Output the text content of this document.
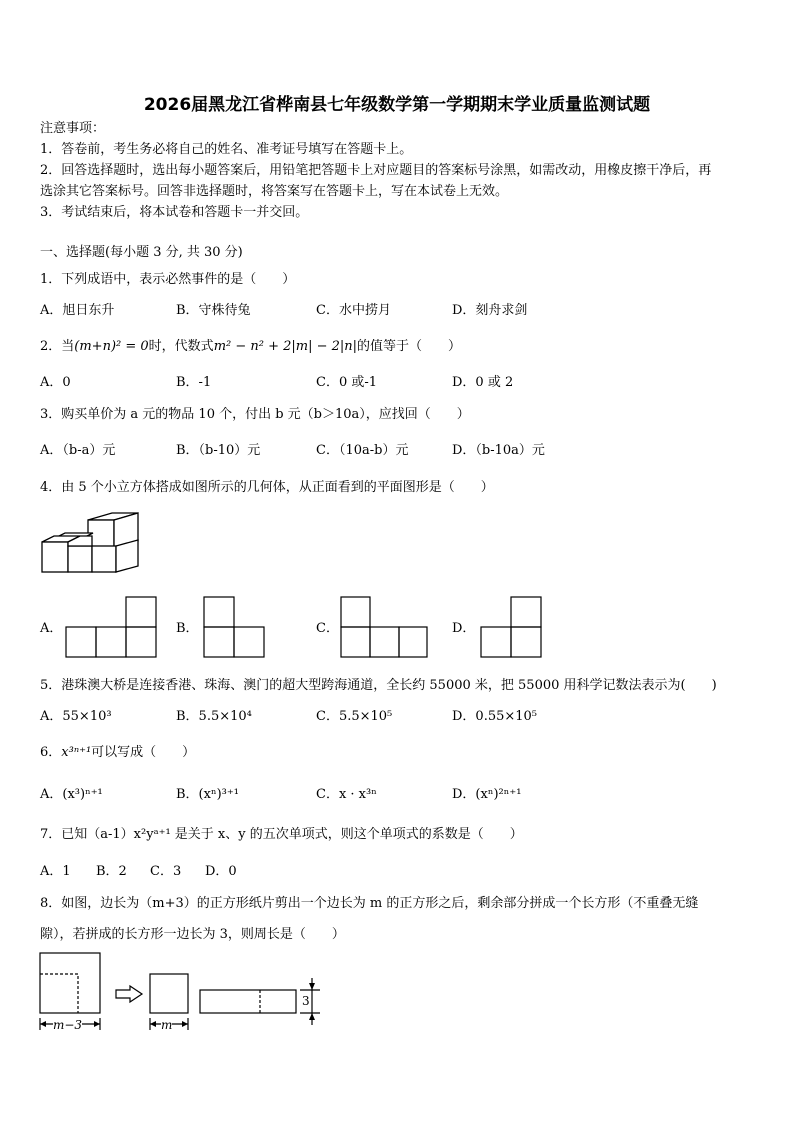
2026届黑龙江省桦南县七年级数学第一学期期末学业质量监测试题
注意事项：
1．答卷前，考生务必将自己的姓名、准考证号填写在答题卡上。
2．回答选择题时，选出每小题答案后，用铅笔把答题卡上对应题目的答案标号涂黑，如需改动，用橡皮擦干净后，再
选涂其它答案标号。回答非选择题时，将答案写在答题卡上，写在本试卷上无效。
3．考试结束后，将本试卷和答题卡一并交回。
一、选择题(每小题 3 分, 共 30 分)
1．下列成语中，表示必然事件的是（　　）
A．旭日东升	B．守株待兔	C．水中捞月	D．刻舟求剑
2．当(m+n)² = 0时，代数式m² − n² + 2|m| − 2|n|的值等于（　　）
A．0	B．-1	C．0 或-1	D．0 或 2
3．购买单价为 a 元的物品 10 个，付出 b 元（b＞10a），应找回（　　）
A．（b-a）元	B．（b-10）元	C．（10a-b）元	D．（b-10a）元
4．由 5 个小立方体搭成如图所示的几何体，从正面看到的平面图形是（　　）
A．	B．	C．	D．
5．港珠澳大桥是连接香港、珠海、澳门的超大型跨海通道，全长约 55000 米，把 55000 用科学记数法表示为(　　)
A．55×10³	B．5.5×10⁴	C．5.5×10⁵	D．0.55×10⁵
6．x³ⁿ⁺¹可以写成（　　）
A．(x³)ⁿ⁺¹	B．(xⁿ)³⁺¹	C．x · x³ⁿ	D．(xⁿ)²ⁿ⁺¹
7．已知（a-1）x²yᵃ⁺¹ 是关于 x、y 的五次单项式，则这个单项式的系数是（　　）
A．1 B．2 C．3 D．0
8．如图，边长为（m+3）的正方形纸片剪出一个边长为 m 的正方形之后，剩余部分拼成一个长方形（不重叠无缝
隙），若拼成的长方形一边长为 3，则周长是（　　）
m−3	m
3
